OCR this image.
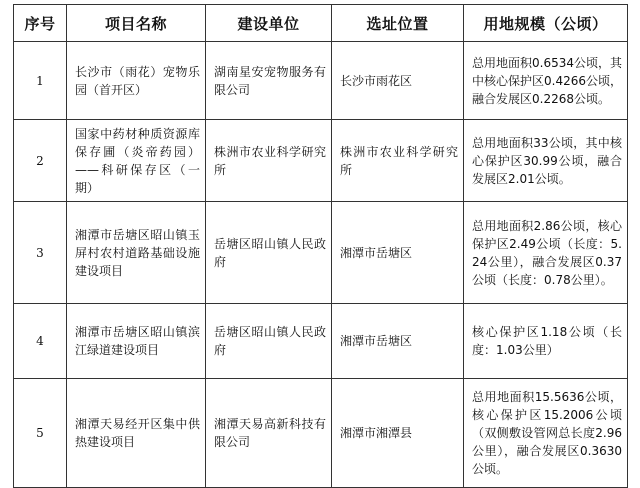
序号	项目名称	建设单位	选址位置	用地规模（公顷）
1	长沙市（雨花）宠物乐园（首开区）	湖南星安宠物服务有限公司	长沙市雨花区	总用地面积0.6534公顷，其中核心保护区0.4266公顷，融合发展区0.2268公顷。
2	国家中药材种质资源库保存圃（炎帝药园）——科研保存区（一期）	株洲市农业科学研究所	株洲市农业科学研究所	总用地面积33公顷，其中核心保护区30.99公顷，融合发展区2.01公顷。
3	湘潭市岳塘区昭山镇玉屏村农村道路基础设施建设项目	岳塘区昭山镇人民政府	湘潭市岳塘区	总用地面积2.86公顷，核心保护区2.49公顷（长度：5.24公里），融合发展区0.37公顷（长度：0.78公里）。
4	湘潭市岳塘区昭山镇滨江绿道建设项目	岳塘区昭山镇人民政府	湘潭市岳塘区	核心保护区1.18公顷（长度：1.03公里）
5	湘潭天易经开区集中供热建设项目	湘潭天易高新科技有限公司	湘潭市湘潭县	总用地面积15.5636公顷，核心保护区15.2006公顷（双侧敷设管网总长度2.96公里），融合发展区0.3630公顷。
